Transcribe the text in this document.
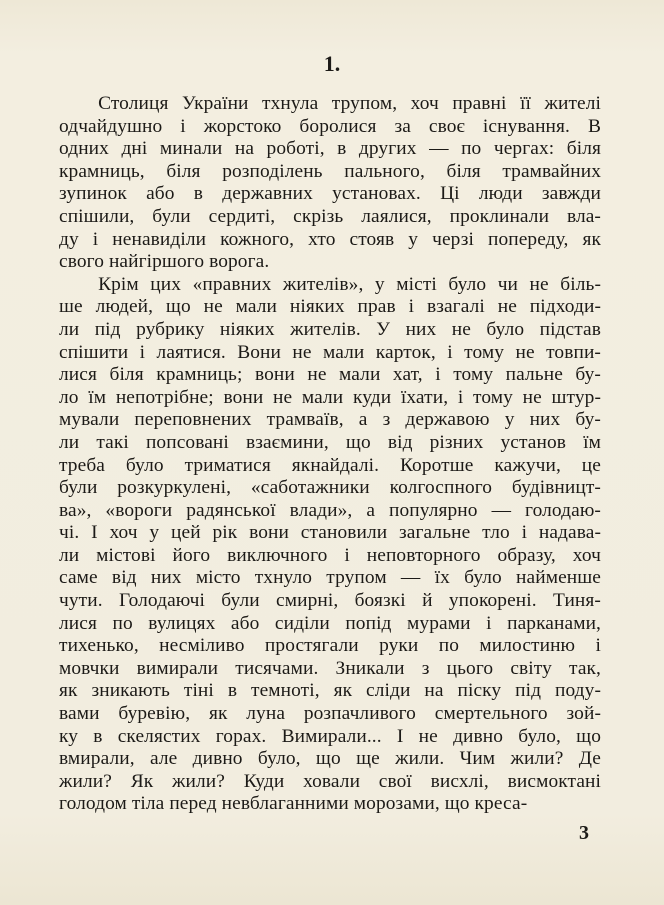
1.

   Столиця України тхнула трупом, хоч правні її жителі
одчайдушно і жорстоко боролися за своє існування. В
одних дні минали на роботі, в других — по чергах: біля
крамниць, біля розподілень пального, біля трамвайних
зупинок або в державних установах. Ці люди завжди
спішили, були сердиті, скрізь лаялися, проклинали вла-
ду і ненавиділи кожного, хто стояв у черзі попереду, як
свого найгіршого ворога.

   Крім цих «правних жителів», у місті було чи не біль-
ше людей, що не мали ніяких прав і взагалі не підходи-
ли під рубрику ніяких жителів. У них не було підстав
спішити і лаятися. Вони не мали карток, і тому не товпи-
лися біля крамниць; вони не мали хат, і тому пальне бу-
ло їм непотрібне; вони не мали куди їхати, і тому не штур-
мували переповнених трамваїв, а з державою у них бу-
ли такі попсовані взаємини, що від різних установ їм
треба було триматися якнайдалі. Коротше кажучи, це
були розкуркулені, «саботажники колгоспного будівницт-
ва», «вороги радянської влади», а популярно — голодаю-
чі. І хоч у цей рік вони становили загальне тло і надава-
ли містові його виключного і неповторного образу, хоч
саме від них місто тхнуло трупом — їх було найменше
чути. Голодаючі були смирні, боязкі й упокорені. Тиня-
лися по вулицях або сиділи попід мурами і парканами,
тихенько, несміливо простягали руки по милостиню і
мовчки вимирали тисячами. Зникали з цього світу так,
як зникають тіні в темноті, як сліди на піску під поду-
вами буревію, як луна розпачливого смертельного зой-
ку в скелястих горах. Вимирали... І не дивно було, що
вмирали, але дивно було, що ще жили. Чим жили? Де
жили? Як жили? Куди ховали свої висхлі, висмоктані
голодом тіла перед невблаганними морозами, що креса-

3
